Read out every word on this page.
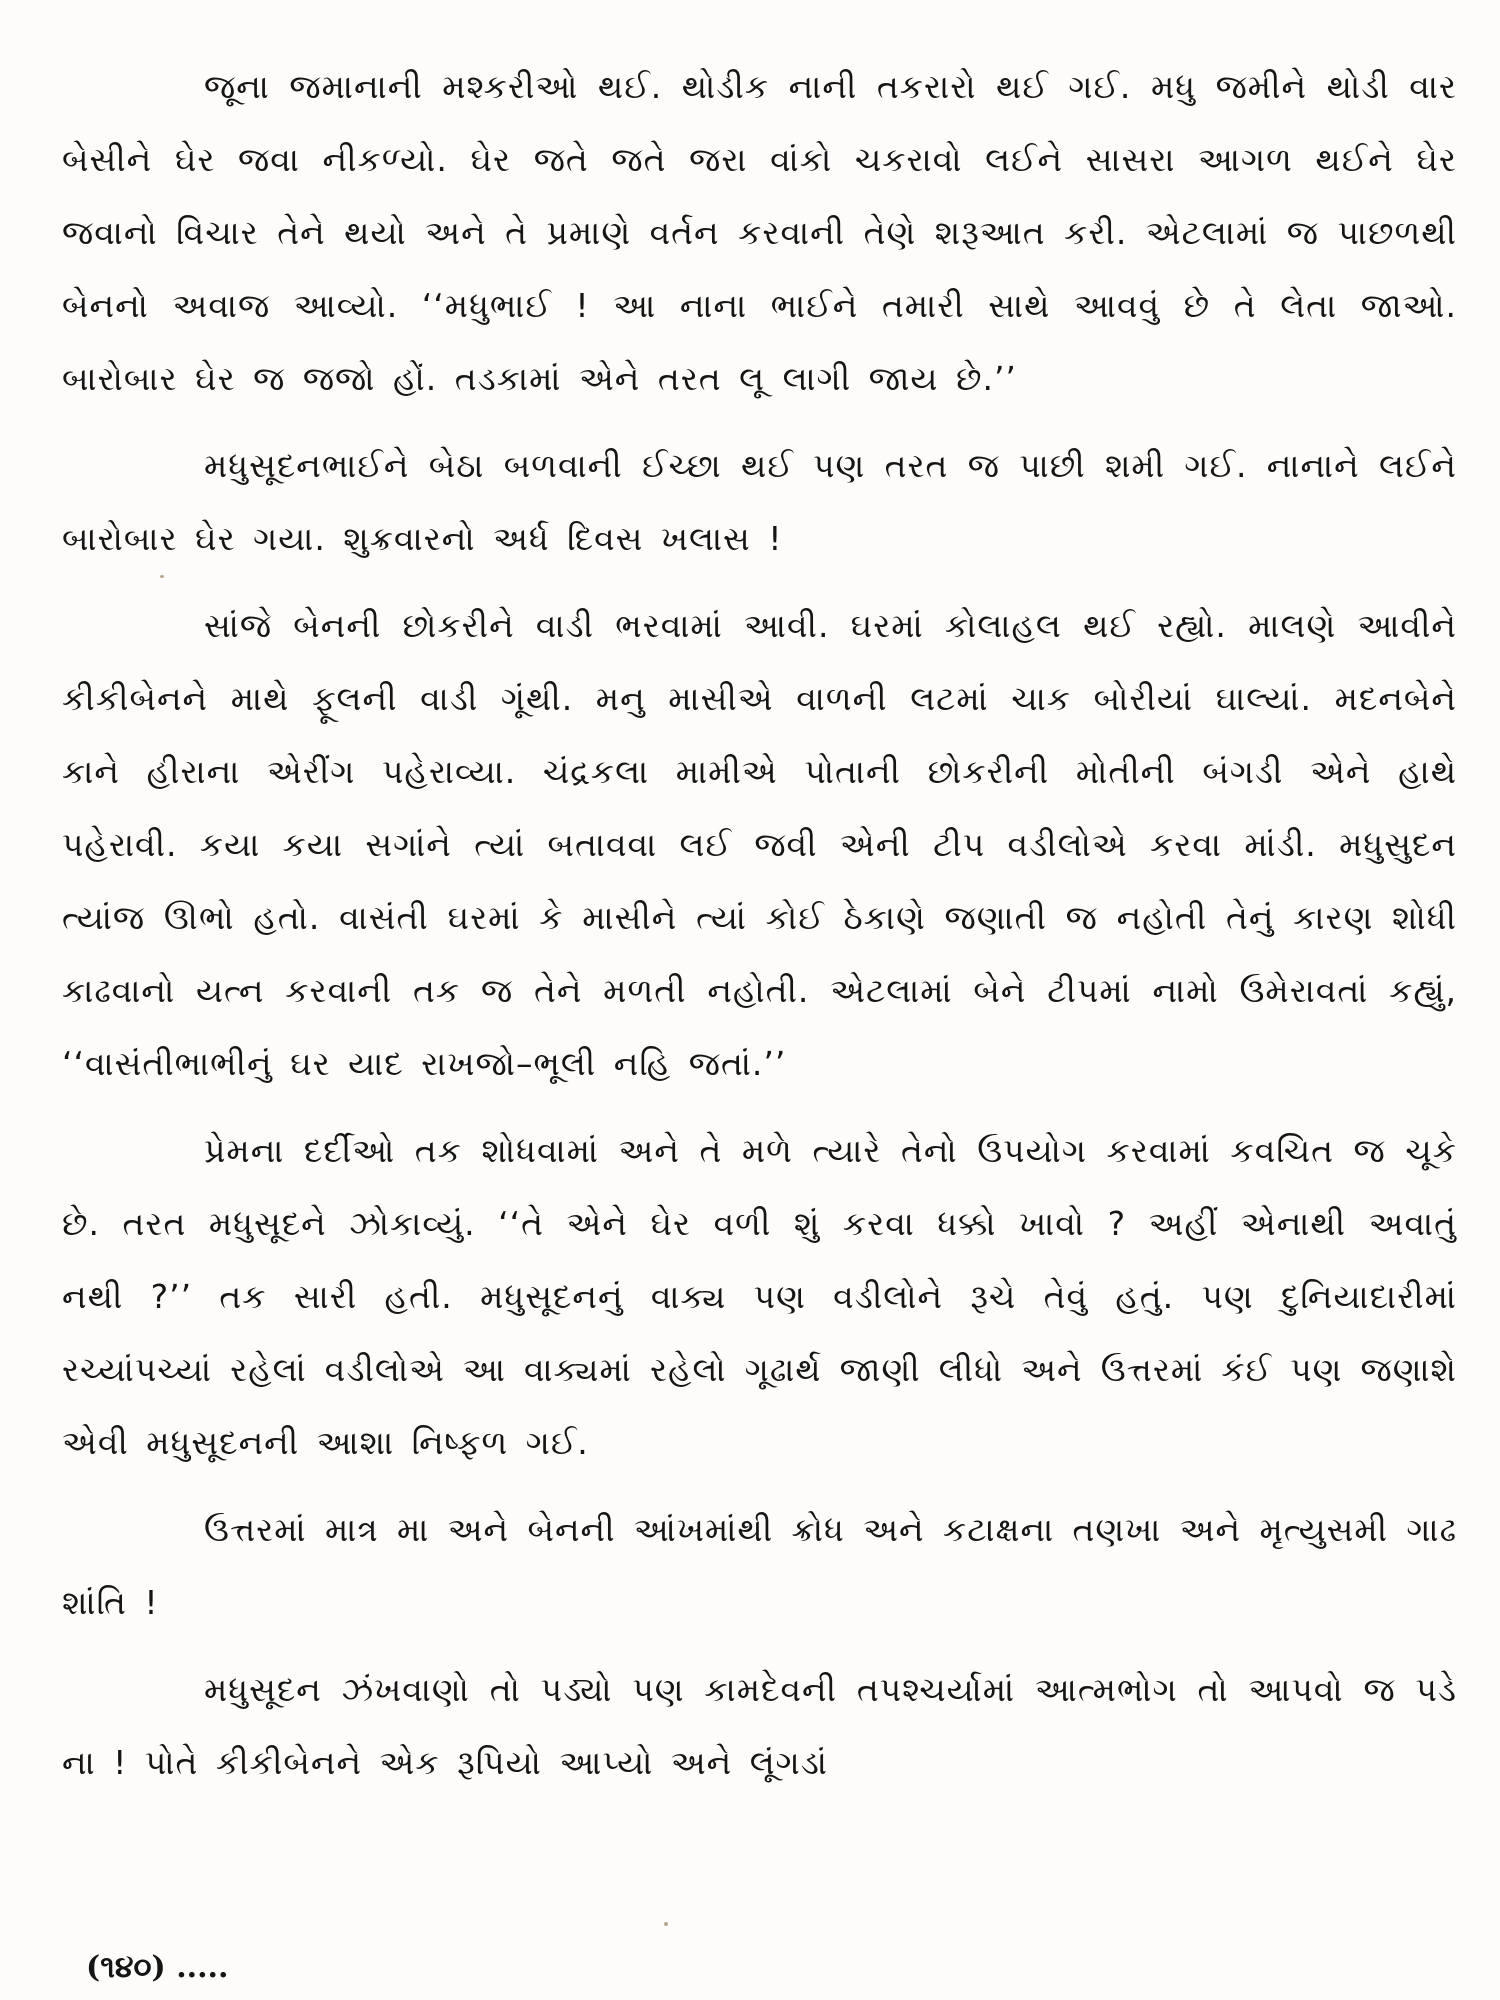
જૂના જમાનાની મશ્કરીઓ થઈ. થોડીક નાની તકરારો થઈ ગઈ. મધુ જમીને થોડી વાર બેસીને ઘેર જવા નીકળ્યો. ઘેર જતે જતે જરા વાંકો ચકરાવો લઈને સાસરા આગળ થઈને ઘેર જવાનો વિચાર તેને થયો અને તે પ્રમાણે વર્તન કરવાની તેણે શરૂઆત કરી. એટલામાં જ પાછળથી બેનનો અવાજ આવ્યો. ‘‘મધુભાઈ ! આ નાના ભાઈને તમારી સાથે આવવું છે તે લેતા જાઓ. બારોબાર ઘેર જ જજો હોં. તડકામાં એને તરત લૂ લાગી જાય છે.’’

મધુસૂદનભાઈને બેઠા બળવાની ઈચ્છા થઈ પણ તરત જ પાછી શમી ગઈ. નાનાને લઈને બારોબાર ઘેર ગયા. શુક્રવારનો અર્ધ દિવસ ખલાસ !

સાંજે બેનની છોકરીને વાડી ભરવામાં આવી. ઘરમાં કોલાહલ થઈ રહ્યો. માલણે આવીને કીકીબેનને માથે ફૂલની વાડી ગૂંથી. મનુ માસીએ વાળની લટમાં ચાક બોરીયાં ઘાલ્યાં. મદનબેને કાને હીરાના એરીંગ પહેરાવ્યા. ચંદ્રકલા મામીએ પોતાની છોકરીની મોતીની બંગડી એને હાથે પહેરાવી. કયા કયા સગાંને ત્યાં બતાવવા લઈ જવી એની ટીપ વડીલોએ કરવા માંડી. મધુસુદન ત્યાંજ ઊભો હતો. વાસંતી ઘરમાં કે માસીને ત્યાં કોઈ ઠેકાણે જણાતી જ નહોતી તેનું કારણ શોધી કાઢવાનો યત્ન કરવાની તક જ તેને મળતી નહોતી. એટલામાં બેને ટીપમાં નામો ઉમેરાવતાં કહ્યું, ‘‘વાસંતીભાભીનું ઘર યાદ રાખજો–ભૂલી નહિ જતાં.’’

પ્રેમના દર્દીઓ તક શોધવામાં અને તે મળે ત્યારે તેનો ઉપયોગ કરવામાં કવચિત જ ચૂકે છે. તરત મધુસૂદને ઝોકાવ્યું. ‘‘તે એને ઘેર વળી શું કરવા ધક્કો ખાવો ? અહીં એનાથી અવાતું નથી ?’’ તક સારી હતી. મધુસૂદનનું વાક્ય પણ વડીલોને રૂચે તેવું હતું. પણ દુનિયાદારીમાં રચ્યાંપચ્યાં રહેલાં વડીલોએ આ વાક્યમાં રહેલો ગૂઢાર્થ જાણી લીધો અને ઉત્તરમાં કંઈ પણ જણાશે એવી મધુસૂદનની આશા નિષ્ફળ ગઈ.

ઉત્તરમાં માત્ર મા અને બેનની આંખમાંથી ક્રોધ અને કટાક્ષના તણખા અને મૃત્યુસમી ગાઢ શાંતિ !

મધુસૂદન ઝંખવાણો તો પડ્યો પણ કામદેવની તપશ્ચર્યામાં આત્મભોગ તો આપવો જ પડે ના ! પોતે કીકીબેનને એક રૂપિયો આપ્યો અને લૂંગડાં

(૧૪૦) .....
